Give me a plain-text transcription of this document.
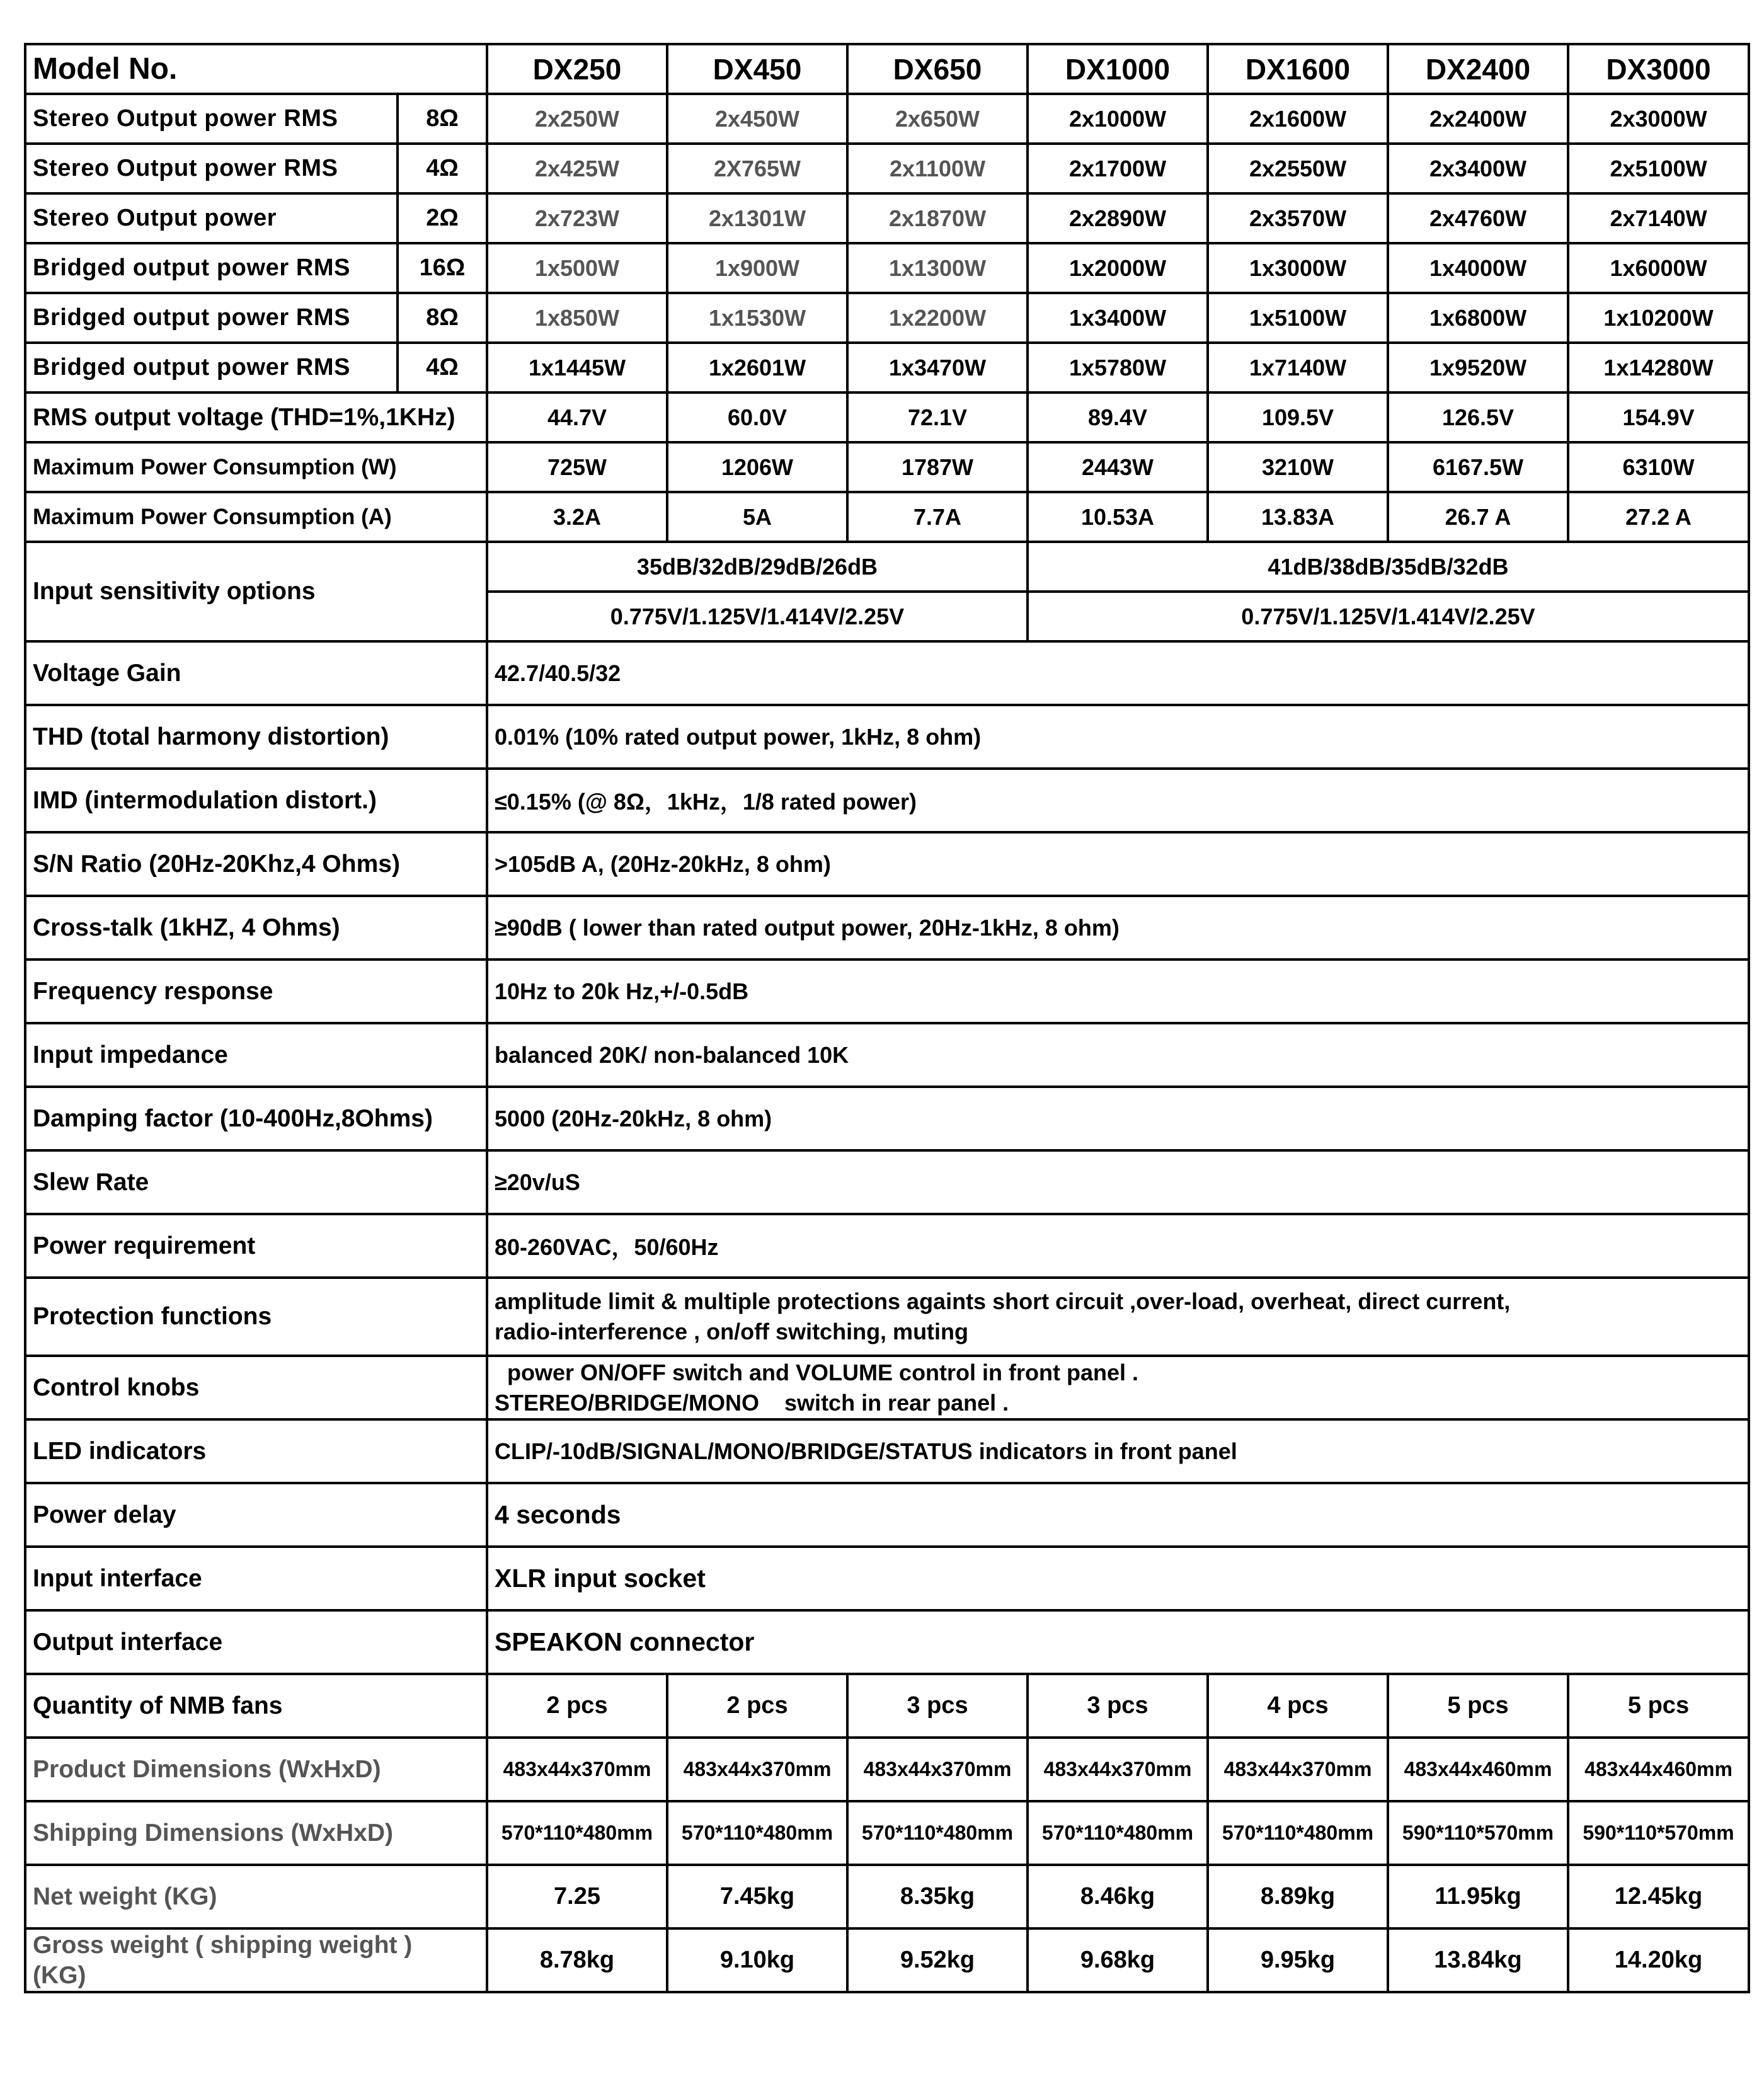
Model No.		DX250	DX450	DX650	DX1000	DX1600	DX2400	DX3000
Stereo Output power RMS	8Ω	2x250W	2x450W	2x650W	2x1000W	2x1600W	2x2400W	2x3000W
Stereo Output power RMS	4Ω	2x425W	2X765W	2x1100W	2x1700W	2x2550W	2x3400W	2x5100W
Stereo Output power	2Ω	2x723W	2x1301W	2x1870W	2x2890W	2x3570W	2x4760W	2x7140W
Bridged output power RMS	16Ω	1x500W	1x900W	1x1300W	1x2000W	1x3000W	1x4000W	1x6000W
Bridged output power RMS	8Ω	1x850W	1x1530W	1x2200W	1x3400W	1x5100W	1x6800W	1x10200W
Bridged output power RMS	4Ω	1x1445W	1x2601W	1x3470W	1x5780W	1x7140W	1x9520W	1x14280W
RMS output voltage (THD=1%,1KHz)		44.7V	60.0V	72.1V	89.4V	109.5V	126.5V	154.9V
Maximum Power Consumption (W)		725W	1206W	1787W	2443W	3210W	6167.5W	6310W
Maximum Power Consumption (A)		3.2A	5A	7.7A	10.53A	13.83A	26.7 A	27.2 A
Input sensitivity options		35dB/32dB/29dB/26dB			41dB/38dB/35dB/32dB			
		0.775V/1.125V/1.414V/2.25V			0.775V/1.125V/1.414V/2.25V			
Voltage Gain		42.7/40.5/32						
THD (total harmony distortion)		0.01% (10% rated output power, 1kHz, 8 ohm)						
IMD (intermodulation distort.)		≤0.15% (@ 8Ω，1kHz，1/8 rated power)						
S/N Ratio (20Hz-20Khz,4 Ohms)		>105dB A, (20Hz-20kHz, 8 ohm)						
Cross-talk (1kHZ, 4 Ohms)		≥90dB ( lower than rated output power, 20Hz-1kHz, 8 ohm)						
Frequency response		10Hz to 20k Hz,+/-0.5dB						
Input impedance		balanced 20K/ non-balanced 10K						
Damping factor (10-400Hz,8Ohms)		5000 (20Hz-20kHz, 8 ohm)						
Slew Rate		≥20v/uS						
Power requirement		80-260VAC，50/60Hz						
Protection functions		amplitude limit & multiple protections againts short circuit ,over-load, overheat, direct current,
radio-interference , on/off switching, muting						

Control knobs		power ON/OFF switch and VOLUME control in front panel .
STEREO/BRIDGE/MONO    switch in rear panel .						

LED indicators		CLIP/-10dB/SIGNAL/MONO/BRIDGE/STATUS indicators in front panel						
Power delay		4 seconds						
Input interface		XLR input socket						
Output interface		SPEAKON connector						
Quantity of NMB fans		2 pcs	2 pcs	3 pcs	3 pcs	4 pcs	5 pcs	5 pcs
Product Dimensions (WxHxD)		483x44x370mm	483x44x370mm	483x44x370mm	483x44x370mm	483x44x370mm	483x44x460mm	483x44x460mm
Shipping Dimensions (WxHxD)		570*110*480mm	570*110*480mm	570*110*480mm	570*110*480mm	570*110*480mm	590*110*570mm	590*110*570mm
Net weight (KG)		7.25	7.45kg	8.35kg	8.46kg	8.89kg	11.95kg	12.45kg

Gross weight ( shipping weight )
(KG)		8.78kg	9.10kg	9.52kg	9.68kg	9.95kg	13.84kg	14.20kg
